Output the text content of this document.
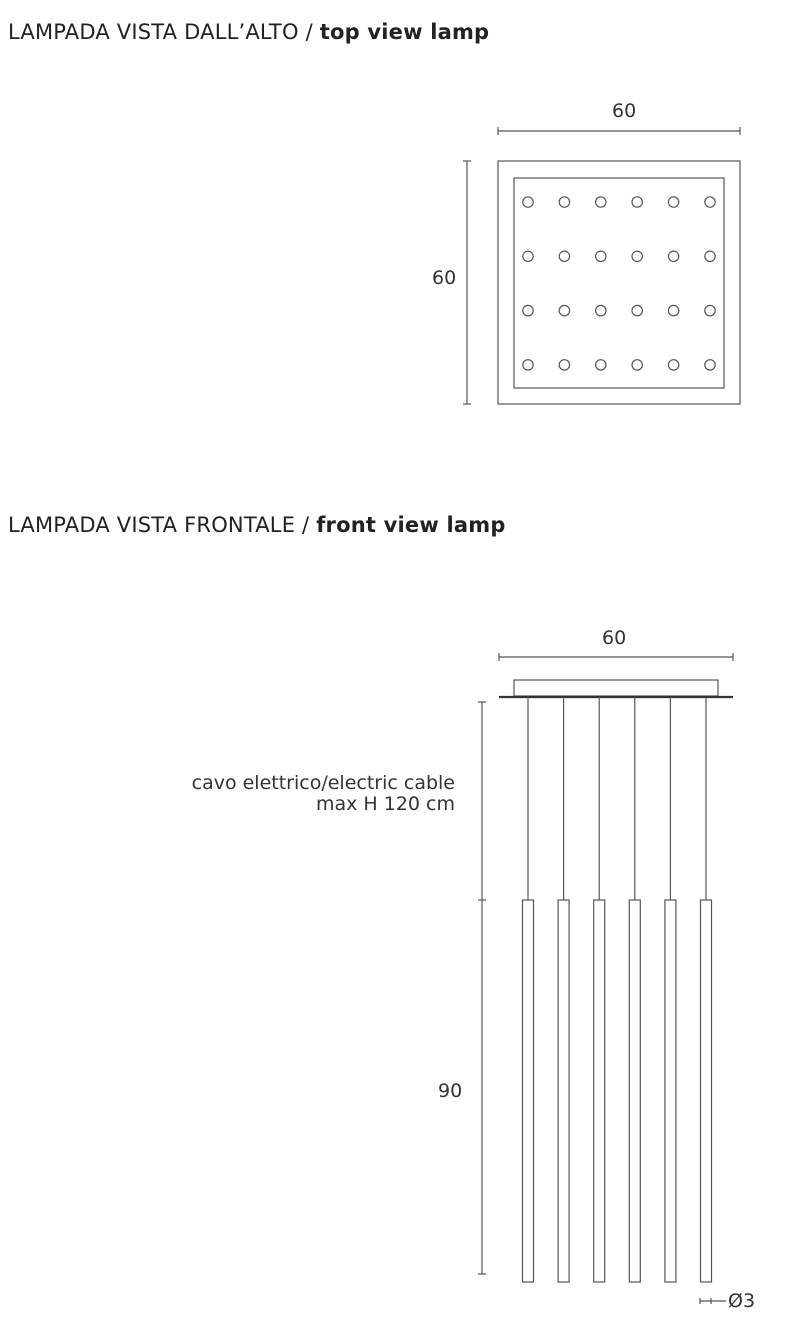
LAMPADA VISTA DALL’ALTO / top view lamp
LAMPADA VISTA FRONTALE / front view lamp
60
60
60
cavo elettrico/electric cable
max H 120 cm
90
Ø3
